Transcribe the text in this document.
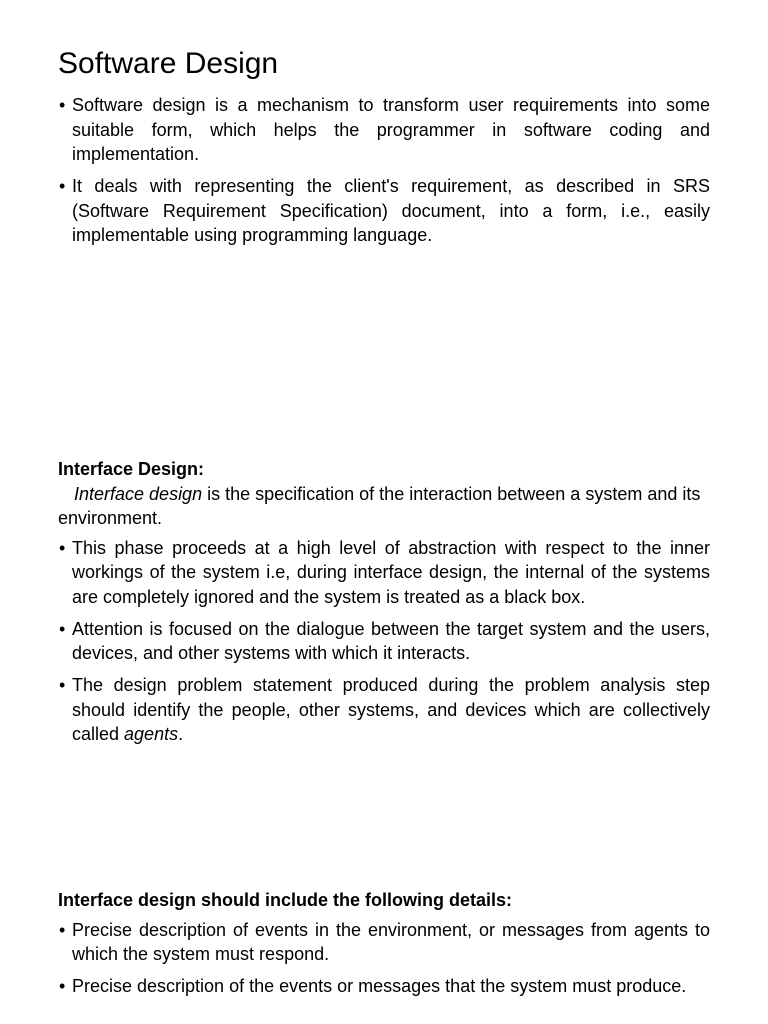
Software Design
• Software design is a mechanism to transform user requirements into some suitable form, which helps the programmer in software coding and implementation.
• It deals with representing the client's requirement, as described in SRS (Software Requirement Specification) document, into a form, i.e., easily implementable using programming language.

Interface Design:

Interface design is the specification of the interaction between a system and its environment.

• This phase proceeds at a high level of abstraction with respect to the inner workings of the system i.e, during interface design, the internal of the systems are completely ignored and the system is treated as a black box.
• Attention is focused on the dialogue between the target system and the users, devices, and other systems with which it interacts.
• The design problem statement produced during the problem analysis step should identify the people, other systems, and devices which are collectively called agents.

Interface design should include the following details:

• Precise description of events in the environment, or messages from agents to which the system must respond.
• Precise description of the events or messages that the system must produce.
